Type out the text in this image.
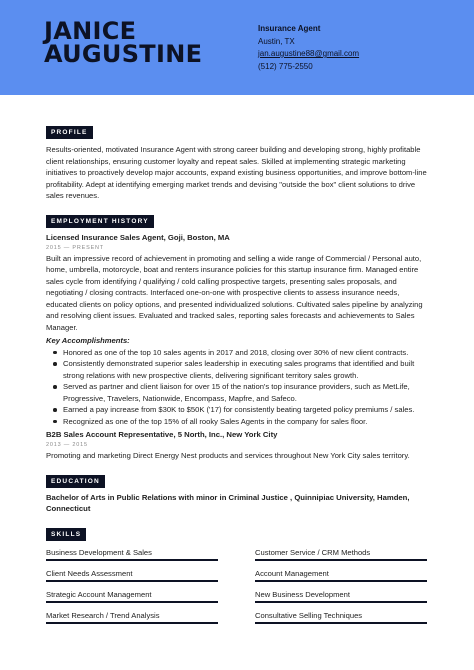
JANICE
AUGUSTINE
Insurance Agent
Austin, TX
jan.augustine88@gmail.com
(512) 775-2550
PROFILE

Results-oriented, motivated Insurance Agent with strong career building and developing strong, highly profitable client relationships, ensuring customer loyalty and repeat sales. Skilled at implementing strategic marketing initiatives to proactively develop major accounts, expand existing business opportunities, and improve bottom-line profitability. Adept at identifying emerging market trends and devising "outside the box" client solutions to drive sales revenues.

EMPLOYMENT HISTORY

Licensed Insurance Sales Agent, Goji, Boston, MA

2015 — PRESENT

Built an impressive record of achievement in promoting and selling a wide range of Commercial / Personal auto, home, umbrella, motorcycle, boat and renters insurance policies for this startup insurance firm. Managed entire sales cycle from identifying / qualifying / cold calling prospective targets, presenting sales proposals, and negotiating / closing contracts. Interfaced one-on-one with prospective clients to assess insurance needs, educated clients on policy options, and presented individualized solutions. Cultivated sales pipeline by analyzing and resolving client issues. Evaluated and tracked sales, reporting sales forecasts and achievements to Sales Manager.

Key Accomplishments:

Honored as one of the top 10 sales agents in 2017 and 2018, closing over 30% of new client contracts.
Consistently demonstrated superior sales leadership in executing sales programs that identified and built strong relations with new prospective clients, delivering significant territory sales growth.
Served as partner and client liaison for over 15 of the nation's top insurance providers, such as MetLife, Progressive, Travelers, Nationwide, Encompass, Mapfre, and Safeco.
Earned a pay increase from $30K to $50K ('17) for consistently beating targeted policy premiums / sales.
Recognized as one of the top 15% of all rooky Sales Agents in the company for sales floor.

B2B Sales Account Representative, 5 North, Inc., New York City

2013 — 2015

Promoting and marketing Direct Energy Nest products and services throughout New York City sales territory.

EDUCATION

Bachelor of Arts in Public Relations with minor in Criminal Justice , Quinnipiac University, Hamden, Connecticut

SKILLS
Business Development & Sales	Customer Service / CRM Methods
Client Needs Assessment	Account Management
Strategic Account Management	New Business Development
Market Research / Trend Analysis	Consultative Selling Techniques
